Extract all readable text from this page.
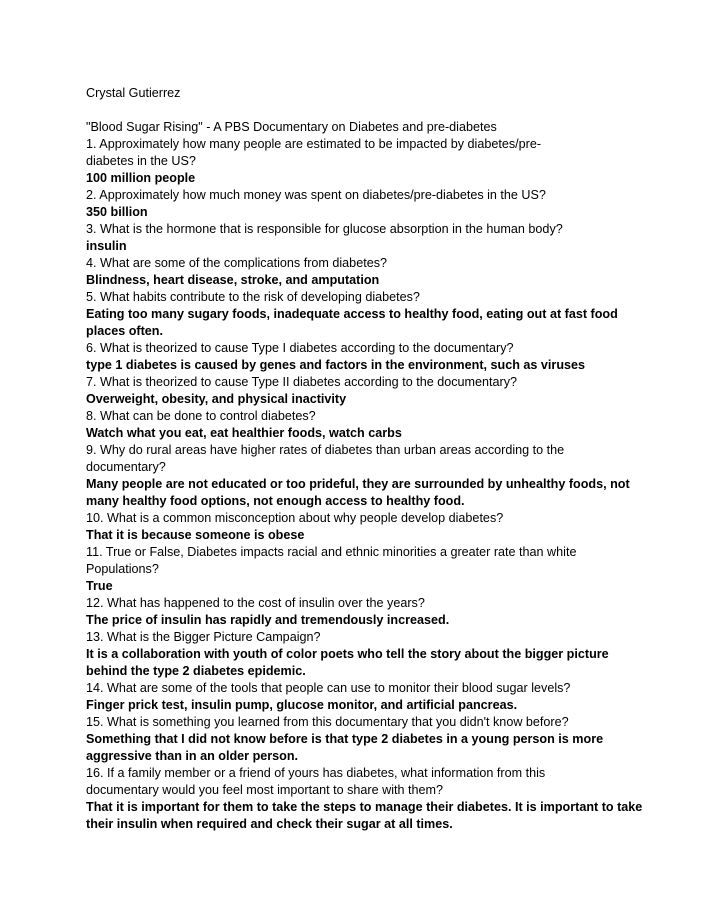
Crystal Gutierrez
"Blood Sugar Rising" - A PBS Documentary on Diabetes and pre-diabetes
1. Approximately how many people are estimated to be impacted by diabetes/pre-diabetes in the US?
100 million people
2. Approximately how much money was spent on diabetes/pre-diabetes in the US?
350 billion
3. What is the hormone that is responsible for glucose absorption in the human body?
insulin
4. What are some of the complications from diabetes?
Blindness, heart disease, stroke, and amputation
5. What habits contribute to the risk of developing diabetes?
Eating too many sugary foods, inadequate access to healthy food, eating out at fast food places often.
6. What is theorized to cause Type I diabetes according to the documentary?
type 1 diabetes is caused by genes and factors in the environment, such as viruses
7. What is theorized to cause Type II diabetes according to the documentary?
Overweight, obesity, and physical inactivity
8. What can be done to control diabetes?
Watch what you eat, eat healthier foods, watch carbs
9. Why do rural areas have higher rates of diabetes than urban areas according to the documentary?
Many people are not educated or too prideful, they are surrounded by unhealthy foods, not many healthy food options, not enough access to healthy food.
10. What is a common misconception about why people develop diabetes?
That it is because someone is obese
11. True or False, Diabetes impacts racial and ethnic minorities a greater rate than white Populations?
True
12. What has happened to the cost of insulin over the years?
The price of insulin has rapidly and tremendously increased.
13. What is the Bigger Picture Campaign?
It is a collaboration with youth of color poets who tell the story about the bigger picture behind the type 2 diabetes epidemic.
14. What are some of the tools that people can use to monitor their blood sugar levels?
Finger prick test, insulin pump, glucose monitor, and artificial pancreas.
15. What is something you learned from this documentary that you didn't know before?
Something that I did not know before is that type 2 diabetes in a young person is more aggressive than in an older person.
16. If a family member or a friend of yours has diabetes, what information from this documentary would you feel most important to share with them?
That it is important for them to take the steps to manage their diabetes. It is important to take their insulin when required and check their sugar at all times.
